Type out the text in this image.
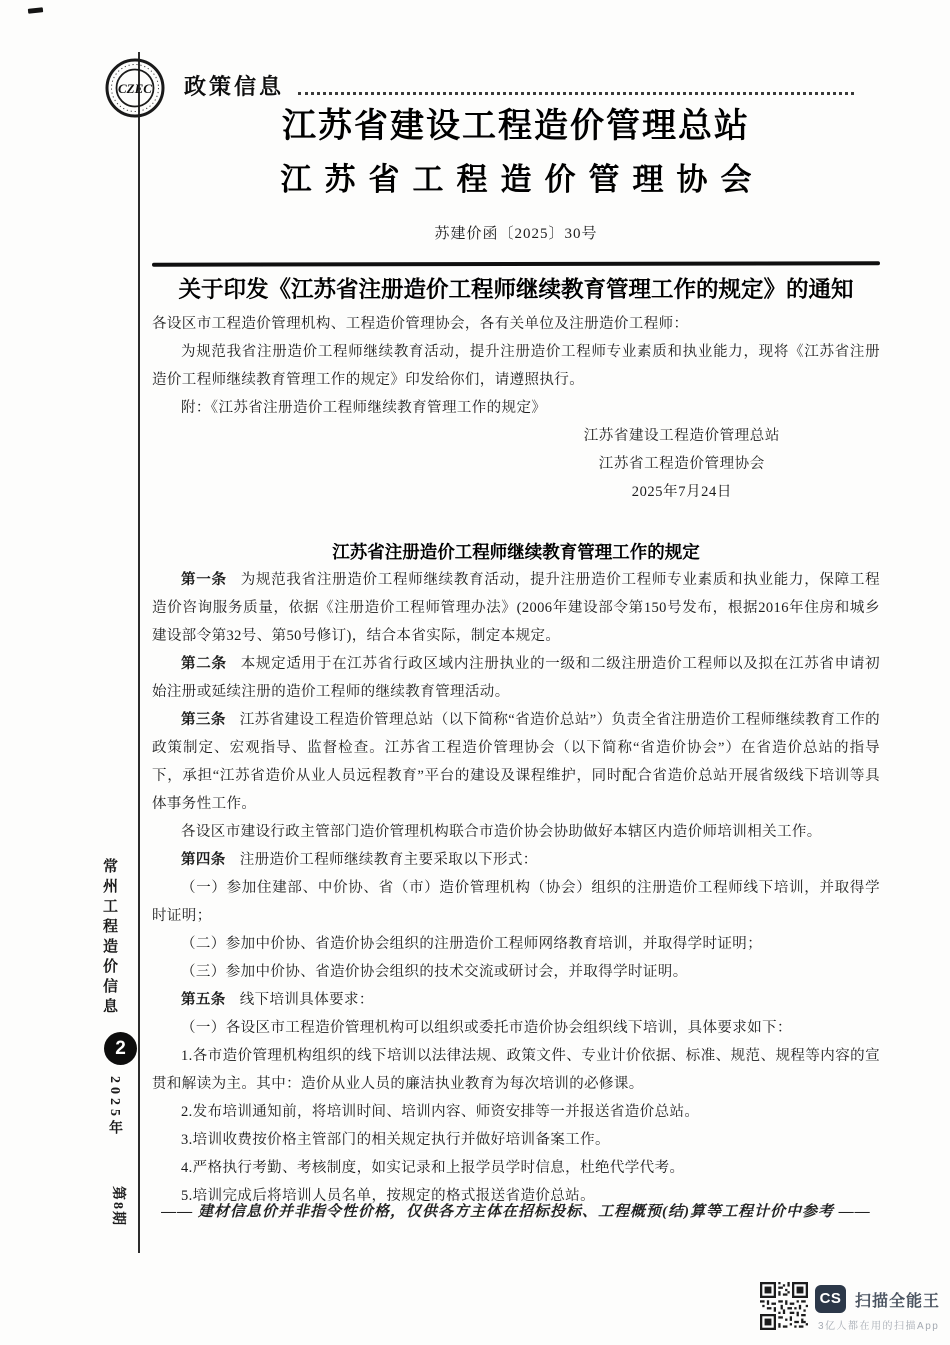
CZEC 政策信息
江苏省建设工程造价管理总站
江苏省工程造价管理协会
苏建价函〔2025〕30号
关于印发《江苏省注册造价工程师继续教育管理工作的规定》的通知

各设区市工程造价管理机构、工程造价管理协会，各有关单位及注册造价工程师：

为规范我省注册造价工程师继续教育活动，提升注册造价工程师专业素质和执业能力，现将《江苏省注册造价工程师继续教育管理工作的规定》印发给你们，请遵照执行。

附：《江苏省注册造价工程师继续教育管理工作的规定》

江苏省建设工程造价管理总站
江苏省工程造价管理协会
2025年7月24日
江苏省注册造价工程师继续教育管理工作的规定

第一条 为规范我省注册造价工程师继续教育活动，提升注册造价工程师专业素质和执业能力，保障工程造价咨询服务质量，依据《注册造价工程师管理办法》(2006年建设部令第150号发布，根据2016年住房和城乡建设部令第32号、第50号修订)，结合本省实际，制定本规定。

第二条 本规定适用于在江苏省行政区域内注册执业的一级和二级注册造价工程师以及拟在江苏省申请初始注册或延续注册的造价工程师的继续教育管理活动。

第三条 江苏省建设工程造价管理总站（以下简称“省造价总站”）负责全省注册造价工程师继续教育工作的政策制定、宏观指导、监督检查。江苏省工程造价管理协会（以下简称“省造价协会”）在省造价总站的指导下，承担“江苏省造价从业人员远程教育”平台的建设及课程维护，同时配合省造价总站开展省级线下培训等具体事务性工作。

各设区市建设行政主管部门造价管理机构联合市造价协会协助做好本辖区内造价师培训相关工作。

第四条 注册造价工程师继续教育主要采取以下形式：

（一）参加住建部、中价协、省（市）造价管理机构（协会）组织的注册造价工程师线下培训，并取得学时证明；

（二）参加中价协、省造价协会组织的注册造价工程师网络教育培训，并取得学时证明；

（三）参加中价协、省造价协会组织的技术交流或研讨会，并取得学时证明。

第五条 线下培训具体要求：

（一）各设区市工程造价管理机构可以组织或委托市造价协会组织线下培训，具体要求如下：

1.各市造价管理机构组织的线下培训以法律法规、政策文件、专业计价依据、标准、规范、规程等内容的宣贯和解读为主。其中：造价从业人员的廉洁执业教育为每次培训的必修课。

2.发布培训通知前，将培训时间、培训内容、师资安排等一并报送省造价总站。

3.培训收费按价格主管部门的相关规定执行并做好培训备案工作。

4.严格执行考勤、考核制度，如实记录和上报学员学时信息，杜绝代学代考。

5.培训完成后将培训人员名单，按规定的格式报送省造价总站。

—— 建材信息价并非指令性价格，仅供各方主体在招标投标、工程概预(结)算等工程计价中参考 ——
常州工程造价信息
2
2025年
第8期
CS 扫描全能王
3亿人都在用的扫描App
